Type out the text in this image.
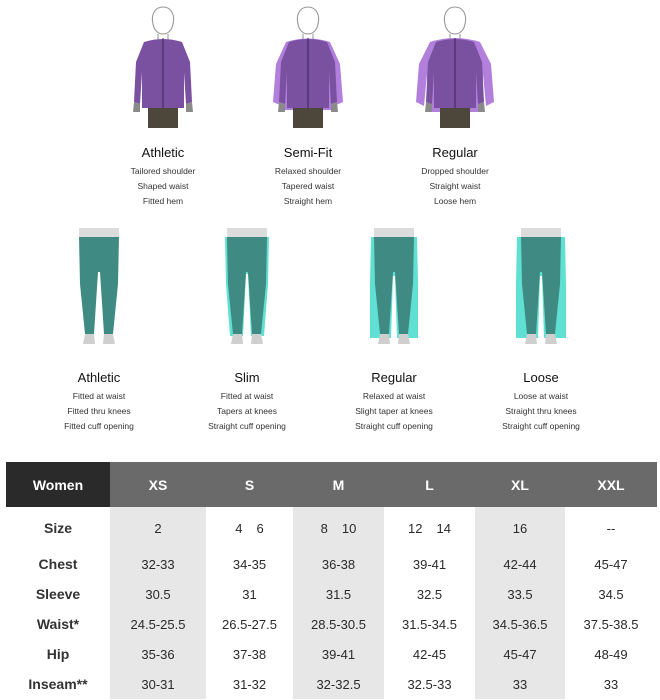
Athletic
Tailored shoulder
Shaped waist
Fitted hem
Semi-Fit
Relaxed shoulder
Tapered waist
Straight hem
Regular
Dropped shoulder
Straight waist
Loose hem
Athletic
Fitted at waist
Fitted thru knees
Fitted cuff opening
Slim
Fitted at waist
Tapers at knees
Straight cuff opening
Regular
Relaxed at waist
Slight taper at knees
Straight cuff opening
Loose
Loose at waist
Straight thru knees
Straight cuff opening
Women	XS	S	M	L	XL	XXL
Size	2	4 6	8 10	12 14	16	--
Chest	32-33	34-35	36-38	39-41	42-44	45-47
Sleeve	30.5	31	31.5	32.5	33.5	34.5
Waist*	24.5-25.5	26.5-27.5	28.5-30.5	31.5-34.5	34.5-36.5	37.5-38.5
Hip	35-36	37-38	39-41	42-45	45-47	48-49
Inseam**	30-31	31-32	32-32.5	32.5-33	33	33
